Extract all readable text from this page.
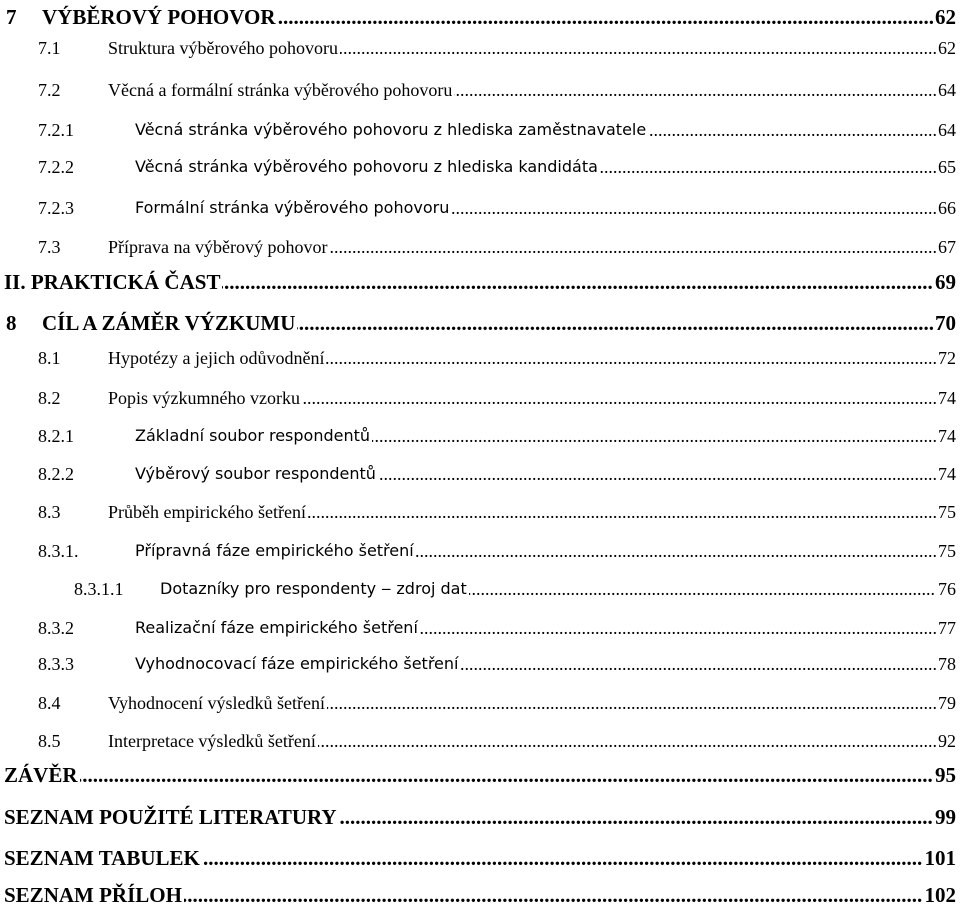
7 VÝBĚROVÝ POHOVOR .....	62
7.1	Struktura výběrového pohovoru .....	62
7.2	Věcná a formální stránka výběrového pohovoru .....	64
7.2.1	Věcná stránka výběrového pohovoru z hlediska zaměstnavatele .....	64
7.2.2	Věcná stránka výběrového pohovoru z hlediska kandidáta .....	65
7.2.3	Formální stránka výběrového pohovoru .....	66
7.3	Příprava na výběrový pohovor .....	67
II. PRAKTICKÁ ČAST .....	69
8 CÍL A ZÁMĚR VÝZKUMU .....	70
8.1	Hypotézy a jejich odůvodnění .....	72
8.2	Popis výzkumného vzorku .....	74
8.2.1	Základní soubor respondentů .....	74
8.2.2	Výběrový soubor respondentů .....	74
8.3	Průběh empirického šetření .....	75
8.3.1.	Přípravná fáze empirického šetření .....	75
8.3.1.1 Dotazníky pro respondenty ‒ zdroj dat .....	76
8.3.2	Realizační fáze empirického šetření .....	77
8.3.3	Vyhodnocovací fáze empirického šetření .....	78
8.4	Vyhodnocení výsledků šetření .....	79
8.5	Interpretace výsledků šetření .....	92
ZÁVĚR .....	95
SEZNAM POUŽITÉ LITERATURY .....	99
SEZNAM TABULEK .....	101
SEZNAM PŘÍLOH .....	102
